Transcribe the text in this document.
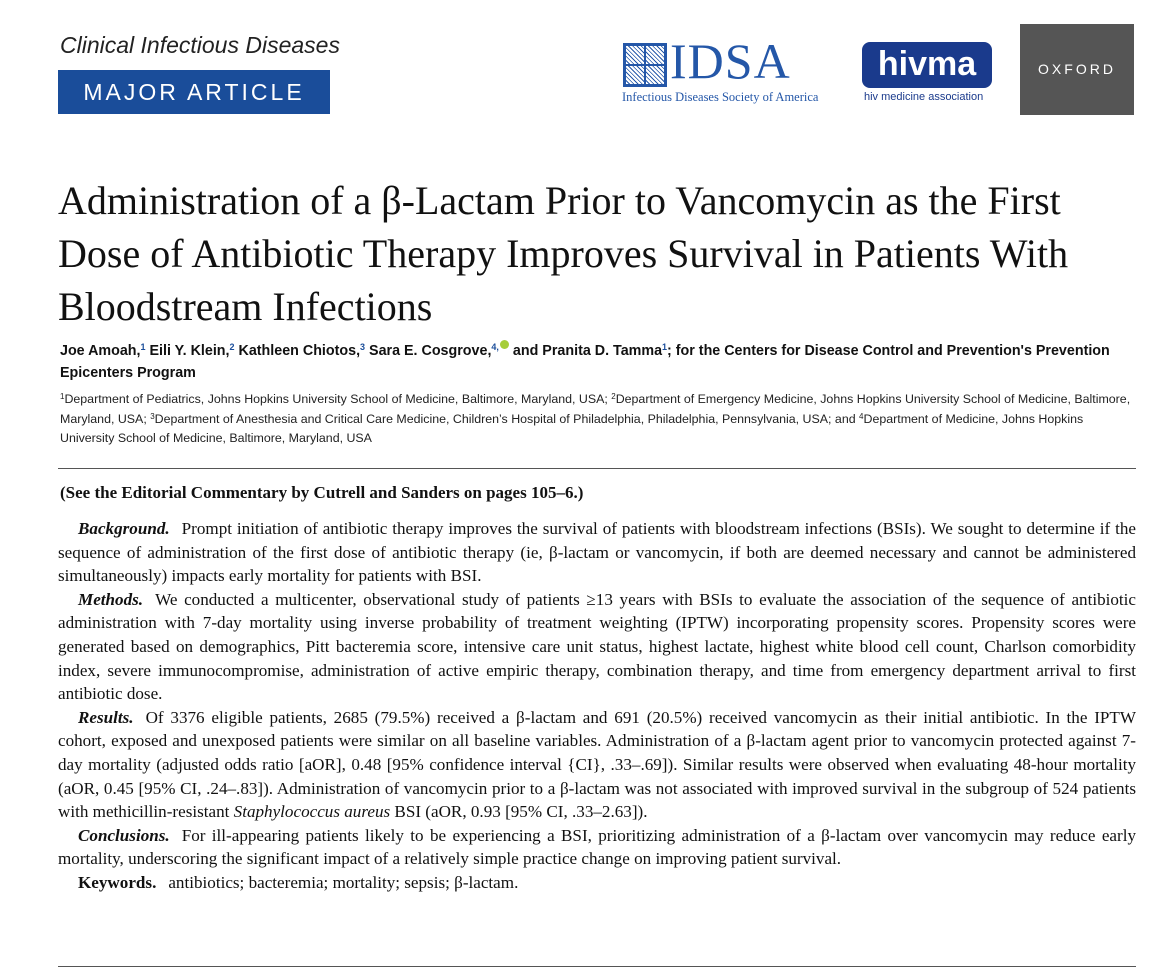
Clinical Infectious Diseases
MAJOR ARTICLE
IDSA
Infectious Diseases Society of America
hivma
hiv medicine association
OXFORD
Administration of a β-Lactam Prior to Vancomycin as the First Dose of Antibiotic Therapy Improves Survival in Patients With Bloodstream Infections

Joe Amoah,$^1$ Eili Y. Klein,$^2$ Kathleen Chiotos,$^3$ Sara E. Cosgrove,$^{4,}$ and Pranita D. Tamma$^1$; for the Centers for Disease Control and Prevention's Prevention Epicenters Program

$^1$Department of Pediatrics, Johns Hopkins University School of Medicine, Baltimore, Maryland, USA; $^2$Department of Emergency Medicine, Johns Hopkins University School of Medicine, Baltimore, Maryland, USA; $^3$Department of Anesthesia and Critical Care Medicine, Children’s Hospital of Philadelphia, Philadelphia, Pennsylvania, USA; and $^4$Department of Medicine, Johns Hopkins University School of Medicine, Baltimore, Maryland, USA

(See the Editorial Commentary by Cutrell and Sanders on pages 105–6.)

Background. Prompt initiation of antibiotic therapy improves the survival of patients with bloodstream infections (BSIs). We sought to determine if the sequence of administration of the first dose of antibiotic therapy (ie, β-lactam or vancomycin, if both are deemed necessary and cannot be administered simultaneously) impacts early mortality for patients with BSI.

Methods. We conducted a multicenter, observational study of patients ≥13 years with BSIs to evaluate the association of the sequence of antibiotic administration with 7-day mortality using inverse probability of treatment weighting (IPTW) incorporating propensity scores. Propensity scores were generated based on demographics, Pitt bacteremia score, intensive care unit status, highest lactate, highest white blood cell count, Charlson comorbidity index, severe immunocompromise, administration of active empiric therapy, combination therapy, and time from emergency department arrival to first antibiotic dose.

Results. Of 3376 eligible patients, 2685 (79.5%) received a β-lactam and 691 (20.5%) received vancomycin as their initial antibiotic. In the IPTW cohort, exposed and unexposed patients were similar on all baseline variables. Administration of a β-lactam agent prior to vancomycin protected against 7-day mortality (adjusted odds ratio [aOR], 0.48 [95% confidence interval {CI}, .33–.69]). Similar results were observed when evaluating 48-hour mortality (aOR, 0.45 [95% CI, .24–.83]). Administration of vancomycin prior to a β-lactam was not associated with improved survival in the subgroup of 524 patients with methicillin-resistant Staphylococcus aureus BSI (aOR, 0.93 [95% CI, .33–2.63]).

Conclusions. For ill-appearing patients likely to be experiencing a BSI, prioritizing administration of a β-lactam over vancomycin may reduce early mortality, underscoring the significant impact of a relatively simple practice change on improving patient survival.

Keywords. antibiotics; bacteremia; mortality; sepsis; β-lactam.
